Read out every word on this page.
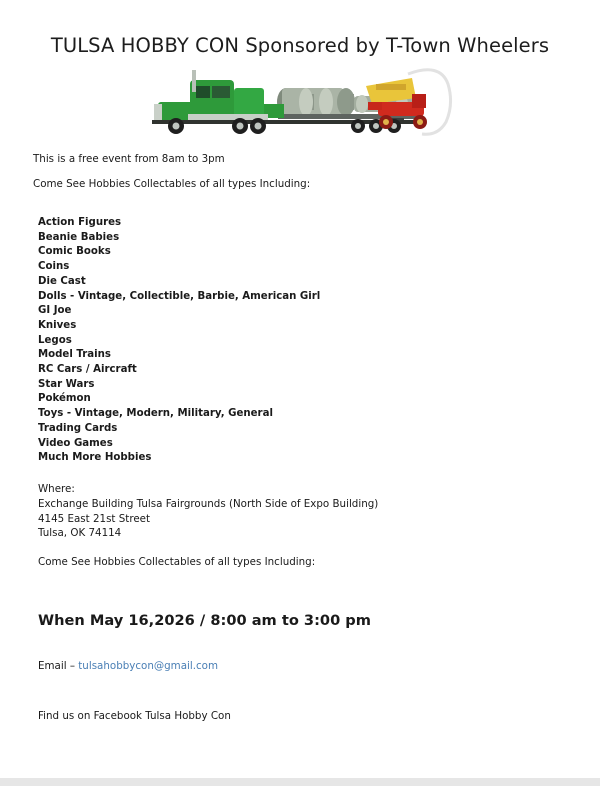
TULSA HOBBY CON Sponsored by T-Town Wheelers
This is a free event from 8am to 3pm
Come See Hobbies Collectables of all types Including:
Action Figures
Beanie Babies
Comic Books
Coins
Die Cast
Dolls - Vintage, Collectible, Barbie, American Girl
GI Joe
Knives
Legos
Model Trains
RC Cars / Aircraft
Star Wars
Pokémon
Toys - Vintage, Modern, Military, General
Trading Cards
Video Games
Much More Hobbies
Where:
Exchange Building Tulsa Fairgrounds (North Side of Expo Building)
4145 East 21st Street
Tulsa, OK 74114
Come See Hobbies Collectables of all types Including:
When May 16,2026 / 8:00 am to 3:00 pm
Email – tulsahobbycon@gmail.com
Find us on Facebook Tulsa Hobby Con
